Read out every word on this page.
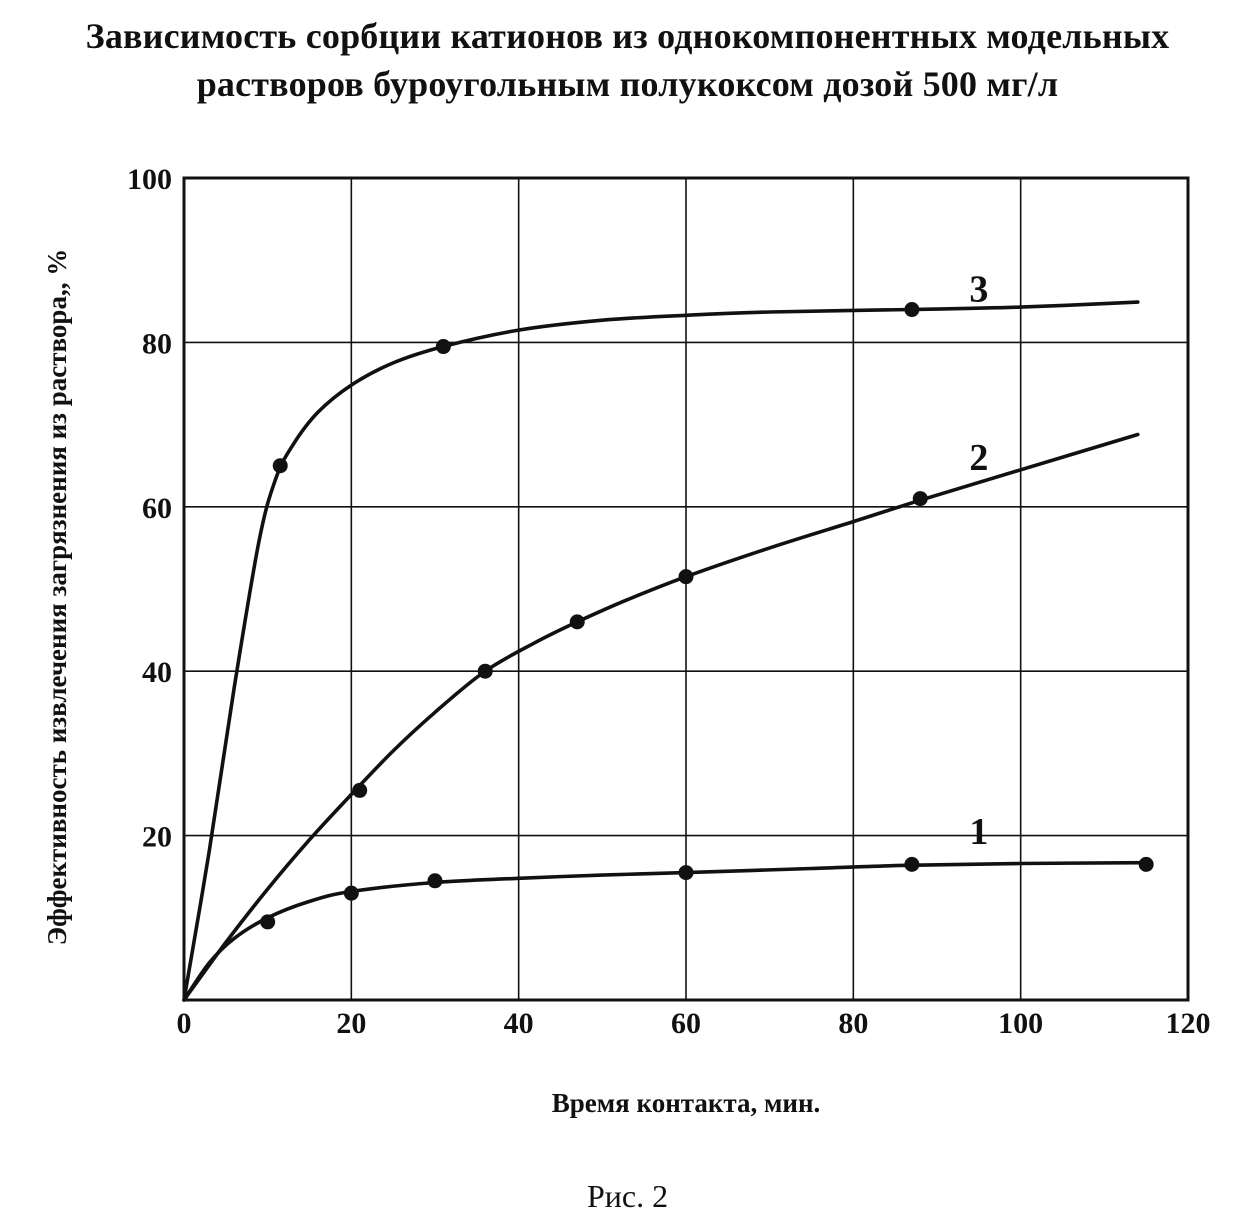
Зависимость сорбции катионов из однокомпонентных модельных
растворов буроугольным полукоксом дозой 500 мг/л
0	20	40	60	80	100	120
20
40
60
80
100
1
2
3
Время контакта, мин.
Эффективность извлечения загрязнения из раствора,, %
Рис. 2
